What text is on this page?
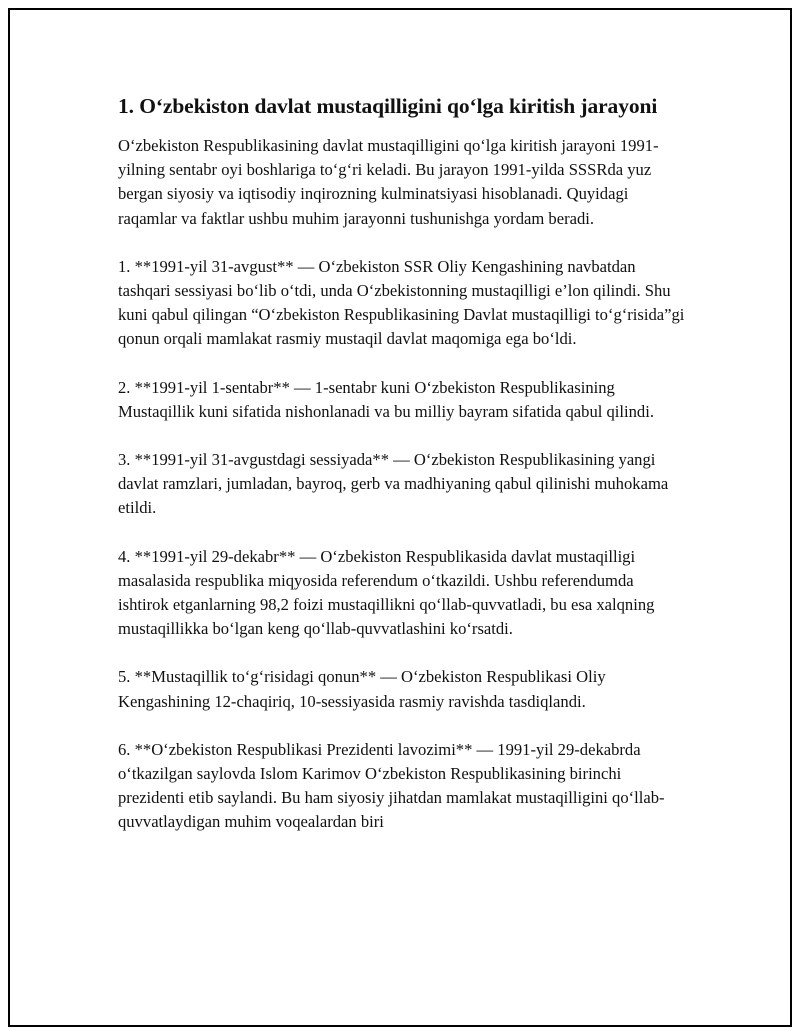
1. O‘zbekiston davlat mustaqilligini qo‘lga kiritish jarayoni

O‘zbekiston Respublikasining davlat mustaqilligini qo‘lga kiritish jarayoni 1991-yilning sentabr oyi boshlariga to‘g‘ri keladi. Bu jarayon 1991-yilda SSSRda yuz bergan siyosiy va iqtisodiy inqirozning kulminatsiyasi hisoblanadi. Quyidagi raqamlar va faktlar ushbu muhim jarayonni tushunishga yordam beradi.

1. **1991-yil 31-avgust** — O‘zbekiston SSR Oliy Kengashining navbatdan tashqari sessiyasi bo‘lib o‘tdi, unda O‘zbekistonning mustaqilligi e’lon qilindi. Shu kuni qabul qilingan “O‘zbekiston Respublikasining Davlat mustaqilligi to‘g‘risida”gi qonun orqali mamlakat rasmiy mustaqil davlat maqomiga ega bo‘ldi.

2. **1991-yil 1-sentabr** — 1-sentabr kuni O‘zbekiston Respublikasining Mustaqillik kuni sifatida nishonlanadi va bu milliy bayram sifatida qabul qilindi.

3. **1991-yil 31-avgustdagi sessiyada** — O‘zbekiston Respublikasining yangi davlat ramzlari, jumladan, bayroq, gerb va madhiyaning qabul qilinishi muhokama etildi.

4. **1991-yil 29-dekabr** — O‘zbekiston Respublikasida davlat mustaqilligi masalasida respublika miqyosida referendum o‘tkazildi. Ushbu referendumda ishtirok etganlarning 98,2 foizi mustaqillikni qo‘llab-quvvatladi, bu esa xalqning mustaqillikka bo‘lgan keng qo‘llab-quvvatlashini ko‘rsatdi.

5. **Mustaqillik to‘g‘risidagi qonun** — O‘zbekiston Respublikasi Oliy Kengashining 12-chaqiriq, 10-sessiyasida rasmiy ravishda tasdiqlandi.

6. **O‘zbekiston Respublikasi Prezidenti lavozimi** — 1991-yil 29-dekabrda o‘tkazilgan saylovda Islom Karimov O‘zbekiston Respublikasining birinchi prezidenti etib saylandi. Bu ham siyosiy jihatdan mamlakat mustaqilligini qo‘llab-quvvatlaydigan muhim voqealardan biri
